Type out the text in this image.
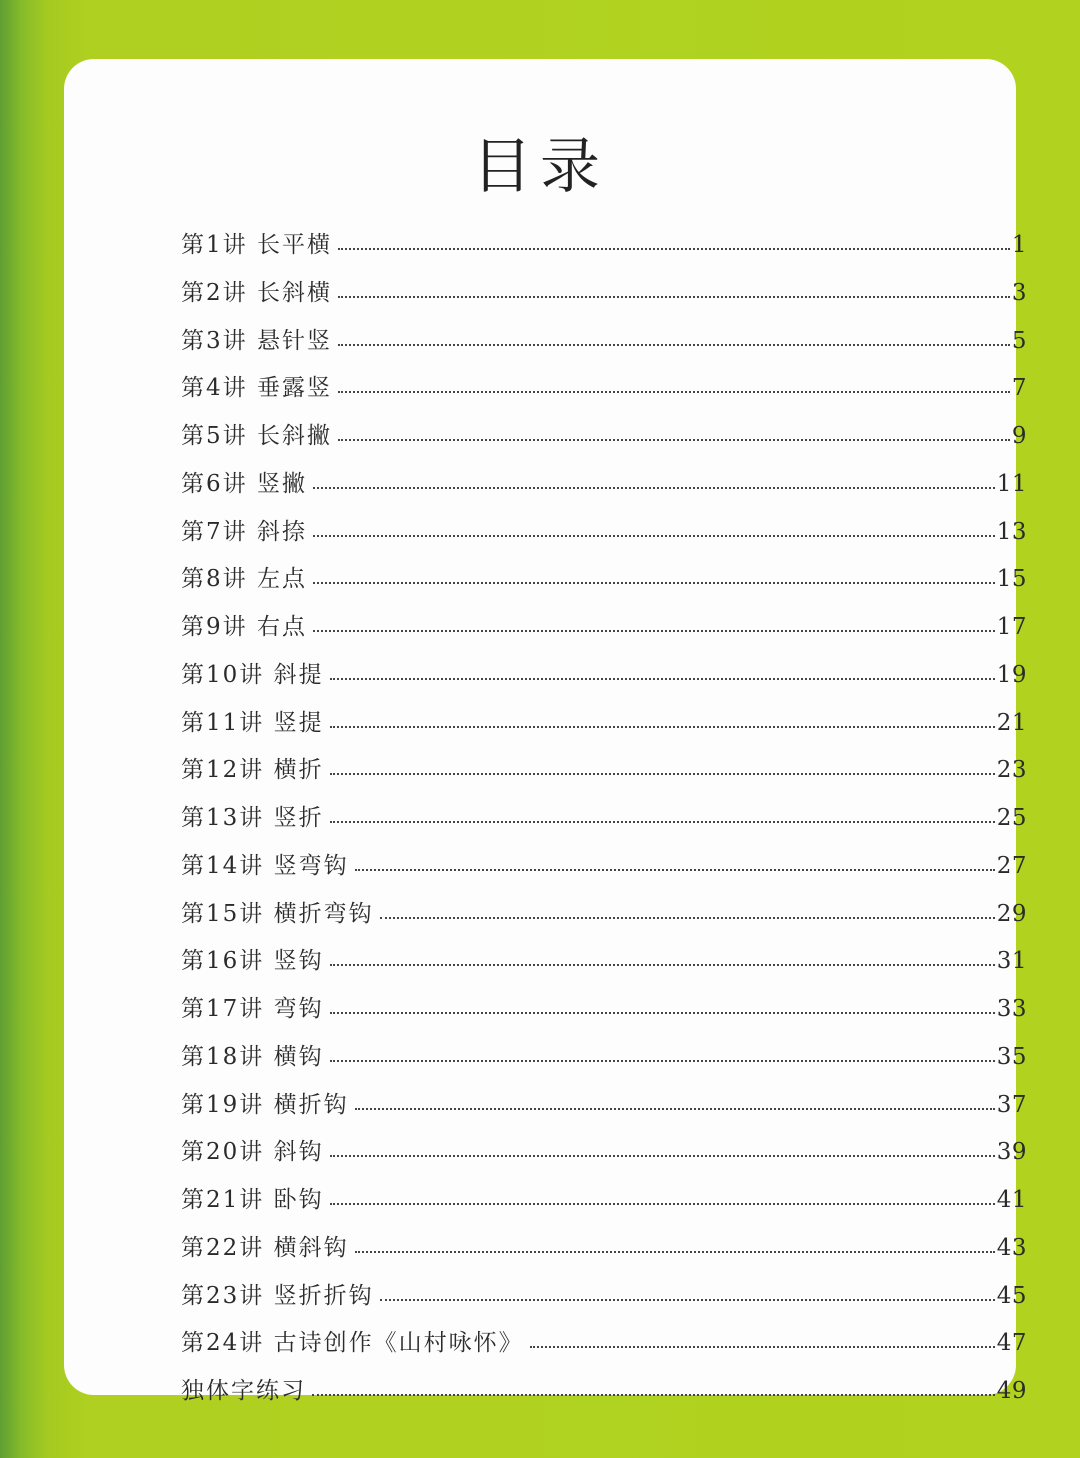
目录
第1讲 长平横	1
第2讲 长斜横	3
第3讲 悬针竖	5
第4讲 垂露竖	7
第5讲 长斜撇	9
第6讲 竖撇	11
第7讲 斜捺	13
第8讲 左点	15
第9讲 右点	17
第10讲 斜提	19
第11讲 竖提	21
第12讲 横折	23
第13讲 竖折	25
第14讲 竖弯钩	27
第15讲 横折弯钩	29
第16讲 竖钩	31
第17讲 弯钩	33
第18讲 横钩	35
第19讲 横折钩	37
第20讲 斜钩	39
第21讲 卧钩	41
第22讲 横斜钩	43
第23讲 竖折折钩	45
第24讲 古诗创作《山村咏怀》	47
独体字练习	49
